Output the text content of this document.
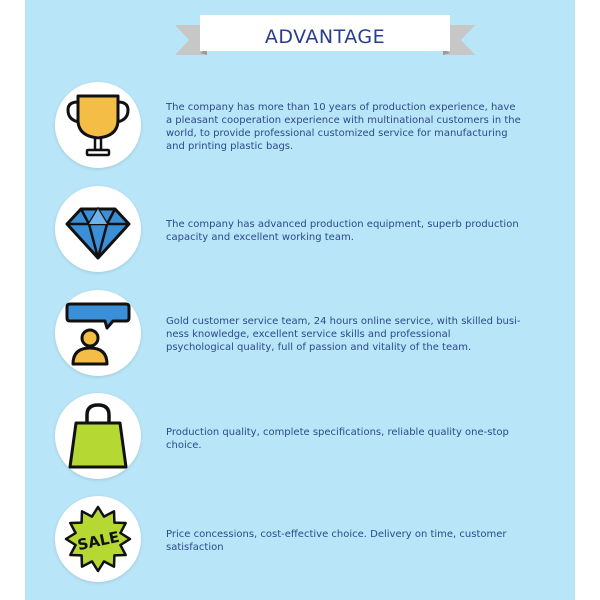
ADVANTAGE
The company has more than 10 years of production experience, have a pleasant cooperation experience with multinational customers in the world, to provide professional customized service for manufacturing and printing plastic bags.
The company has advanced production equipment, superb production capacity and excellent working team.
Gold customer service team, 24 hours online service, with skilled busi-ness knowledge, excellent service skills and professional psychological quality, full of passion and vitality of the team.
Production quality, complete specifications, reliable quality one-stop choice.
SALE	Price concessions, cost-effective choice. Delivery on time, customer satisfaction
